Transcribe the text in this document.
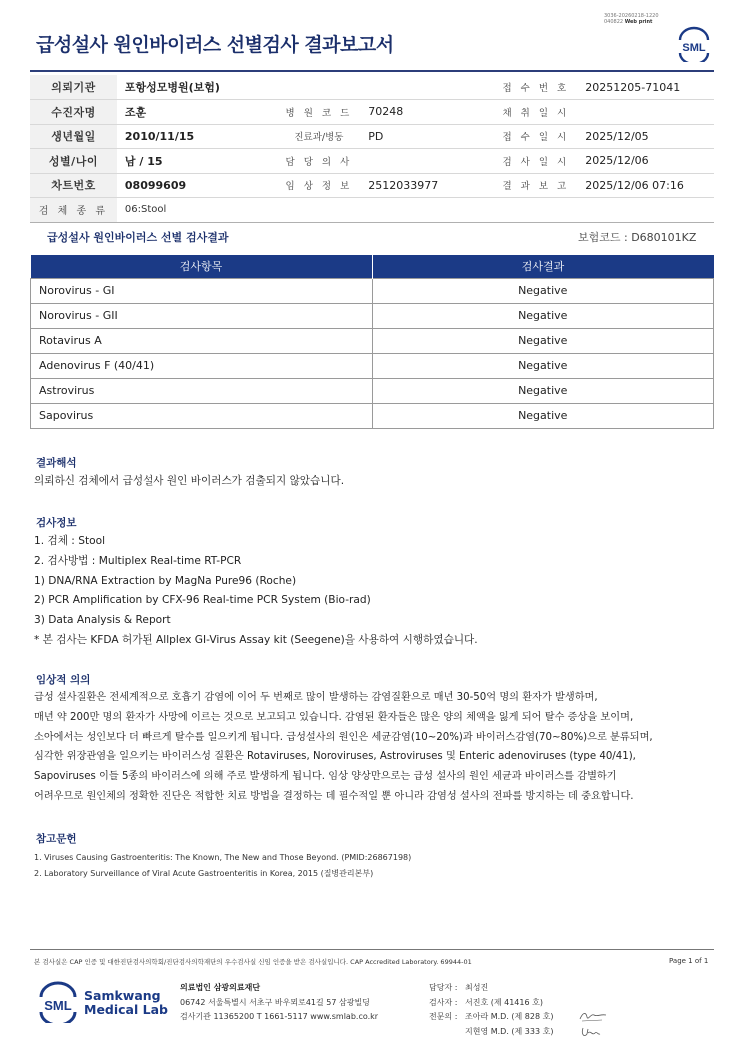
3036-20260218-1220
040822 Web print
급성설사 원인바이러스 선별검사 결과보고서	SML
의뢰기관	포항성모병원(보험)			접 수 번 호	20251205-71041
수진자명	조훈	병 원 코 드	70248	채 취 일 시	
생년월일	2010/11/15	진료과/병동	PD	접 수 일 시	2025/12/05
성별/나이	남 / 15	담 당 의 사		검 사 일 시	2025/12/06
차트번호	08099609	임 상 정 보	2512033977	결 과 보 고	2025/12/06 07:16
검 체 종 류	06:Stool				
급성설사 원인바이러스 선별 검사결과	보험코드 : D680101KZ
검사항목	검사결과
Norovirus - GI	Negative
Norovirus - GII	Negative
Rotavirus A	Negative
Adenovirus F (40/41)	Negative
Astrovirus	Negative
Sapovirus	Negative
결과해석
의뢰하신 검체에서 급성설사 원인 바이러스가 검출되지 않았습니다.
검사정보
1. 검체 : Stool
2. 검사방법 : Multiplex Real-time RT-PCR
1) DNA/RNA Extraction by MagNa Pure96 (Roche)
2) PCR Amplification by CFX-96 Real-time PCR System (Bio-rad)
3) Data Analysis & Report
* 본 검사는 KFDA 허가된 Allplex GI-Virus Assay kit (Seegene)을 사용하여 시행하였습니다.
임상적 의의
급성 설사질환은 전세계적으로 호흡기 감염에 이어 두 번째로 많이 발생하는 감염질환으로 매년 30-50억 명의 환자가 발생하며,
매년 약 200만 명의 환자가 사망에 이르는 것으로 보고되고 있습니다. 감염된 환자들은 많은 양의 체액을 잃게 되어 탈수 증상을 보이며,
소아에서는 성인보다 더 빠르게 탈수를 일으키게 됩니다. 급성설사의 원인은 세균감염(10~20%)과 바이러스감염(70~80%)으로 분류되며,
심각한 위장관염을 일으키는 바이러스성 질환은 Rotaviruses, Noroviruses, Astroviruses 및 Enteric adenoviruses (type 40/41),
Sapoviruses 이들 5종의 바이러스에 의해 주로 발생하게 됩니다. 임상 양상만으로는 급성 설사의 원인 세균과 바이러스를 감별하기
어려우므로 원인체의 정확한 진단은 적합한 치료 방법을 결정하는 데 필수적일 뿐 아니라 감염성 설사의 전파를 방지하는 데 중요합니다.
참고문헌
1. Viruses Causing Gastroenteritis: The Known, The New and Those Beyond. (PMID:26867198)
2. Laboratory Surveillance of Viral Acute Gastroenteritis in Korea, 2015 (질병관리본부)
본 검사실은 CAP 인증 및 대한진단검사의학회/진단검사의학재단의 우수검사실 신임 인증을 받은 검사실입니다. CAP Accredited Laboratory. 69944-01	Page 1 of 1
SML
Samkwang
Medical Lab
의료법인 삼광의료재단
06742 서울특별시 서초구 바우뫼로41길 57 삼광빌딩
검사기관 11365200 T 1661-5117 www.smlab.co.kr
담당자 : 최성진
검사자 : 서진호 (제 41416 호)
전문의 : 조아라 M.D. (제 828 호)
지현영 M.D. (제 333 호)
